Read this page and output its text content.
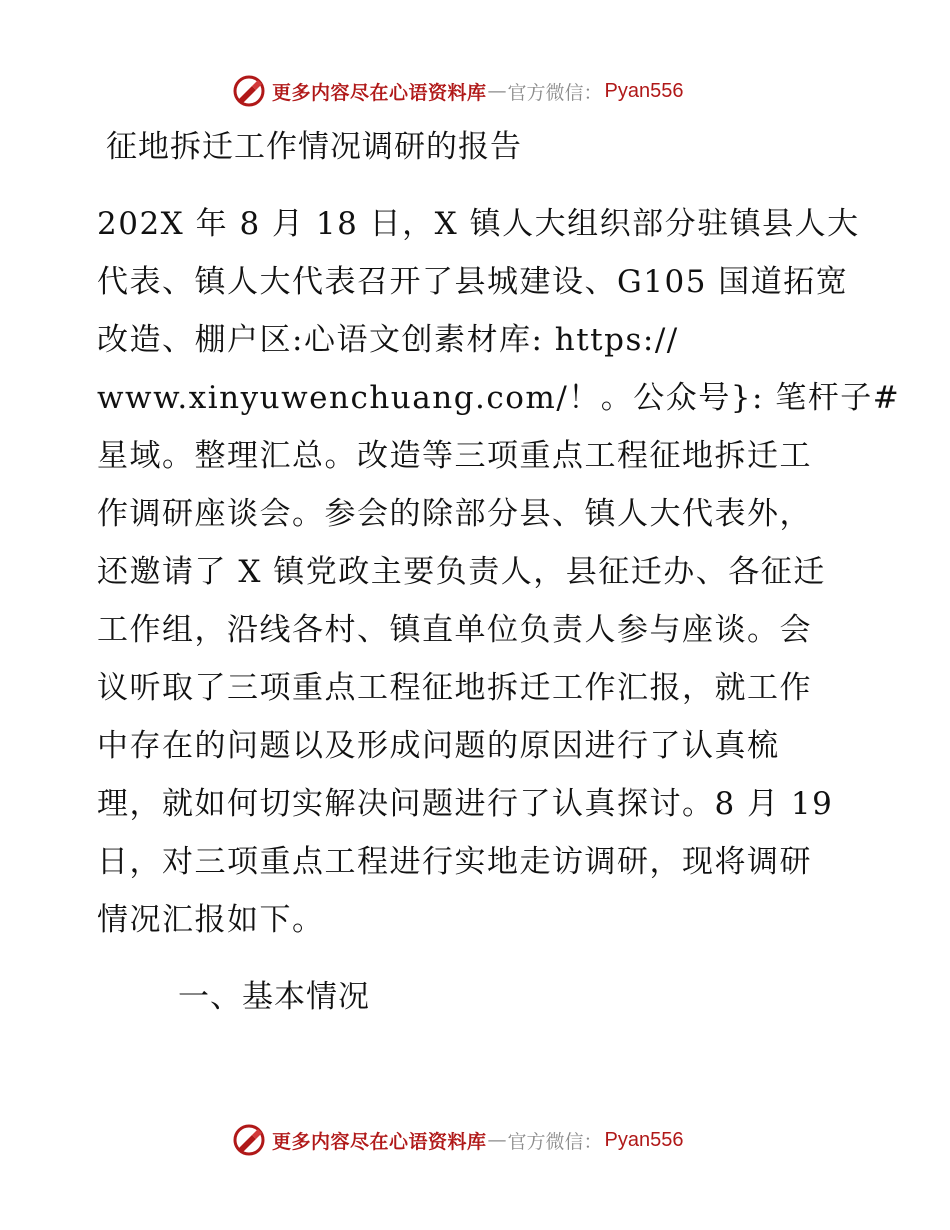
更多内容尽在心语资料库 — 官方微信： Pyan556
征地拆迁工作情况调研的报告
202X 年 8 月 18 日，X 镇人大组织部分驻镇县人大
代表、镇人大代表召开了县城建设、G105 国道拓宽
改造、棚户区:心语文创素材库: https://
www.xinyuwenchuang.com/！。公众号}: 笔杆子#
星域。整理汇总。改造等三项重点工程征地拆迁工
作调研座谈会。参会的除部分县、镇人大代表外，
还邀请了 X 镇党政主要负责人，县征迁办、各征迁
工作组，沿线各村、镇直单位负责人参与座谈。会
议听取了三项重点工程征地拆迁工作汇报，就工作
中存在的问题以及形成问题的原因进行了认真梳
理，就如何切实解决问题进行了认真探讨。8 月 19
日，对三项重点工程进行实地走访调研，现将调研
情况汇报如下。
一、基本情况
更多内容尽在心语资料库 — 官方微信： Pyan556
